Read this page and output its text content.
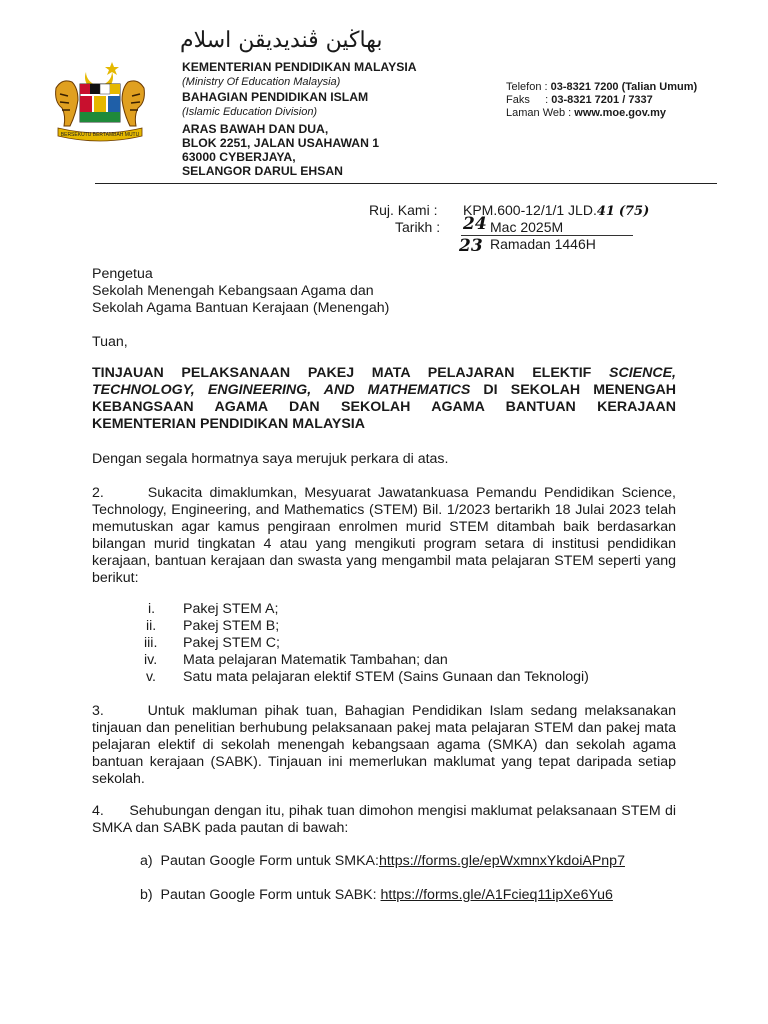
BERSEKUTU BERTAMBAH MUTU
بهاڬين ڤنديديقن اسلام
KEMENTERIAN PENDIDIKAN MALAYSIA
(Ministry Of Education Malaysia)
BAHAGIAN PENDIDIKAN ISLAM
(Islamic Education Division)
ARAS BAWAH DAN DUA,
BLOK 2251, JALAN USAHAWAN 1
63000 CYBERJAYA,
SELANGOR DARUL EHSAN
Telefon : 03-8321 7200 (Talian Umum)
Faks     : 03-8321 7201 / 7337
Laman Web : www.moe.gov.my
Ruj. Kami : KPM.600-12/1/1 JLD.41 (75)
Tarikh : 24 Mac 2025M
23 Ramadan 1446H
Pengetua
Sekolah Menengah Kebangsaan Agama dan
Sekolah Agama Bantuan Kerajaan (Menengah)
Tuan,
TINJAUAN PELAKSANAAN PAKEJ MATA PELAJARAN ELEKTIF SCIENCE, TECHNOLOGY, ENGINEERING, AND MATHEMATICS DI SEKOLAH MENENGAH KEBANGSAAN AGAMA DAN SEKOLAH AGAMA BANTUAN KERAJAAN KEMENTERIAN PENDIDIKAN MALAYSIA
Dengan segala hormatnya saya merujuk perkara di atas.
2.      Sukacita dimaklumkan, Mesyuarat Jawatankuasa Pemandu Pendidikan Science, Technology, Engineering, and Mathematics (STEM) Bil. 1/2023 bertarikh 18 Julai 2023 telah memutuskan agar kamus pengiraan enrolmen murid STEM ditambah baik berdasarkan bilangan murid tingkatan 4 atau yang mengikuti program setara di institusi pendidikan kerajaan, bantuan kerajaan dan swasta yang mengambil mata pelajaran STEM seperti yang berikut:
i. Pakej STEM A;
ii. Pakej STEM B;
iii. Pakej STEM C;
iv. Mata pelajaran Matematik Tambahan; dan
v. Satu mata pelajaran elektif STEM (Sains Gunaan dan Teknologi)
3.      Untuk makluman pihak tuan, Bahagian Pendidikan Islam sedang melaksanakan tinjauan dan penelitian berhubung pelaksanaan pakej mata pelajaran STEM dan pakej mata pelajaran elektif di sekolah menengah kebangsaan agama (SMKA) dan sekolah agama bantuan kerajaan (SABK). Tinjauan ini memerlukan maklumat yang tepat daripada setiap sekolah.
4.      Sehubungan dengan itu, pihak tuan dimohon mengisi maklumat pelaksanaan STEM di SMKA dan SABK pada pautan di bawah:
a)  Pautan Google Form untuk SMKA:https://forms.gle/epWxmnxYkdoiAPnp7
b)  Pautan Google Form untuk SABK: https://forms.gle/A1Fcieq11ipXe6Yu6
